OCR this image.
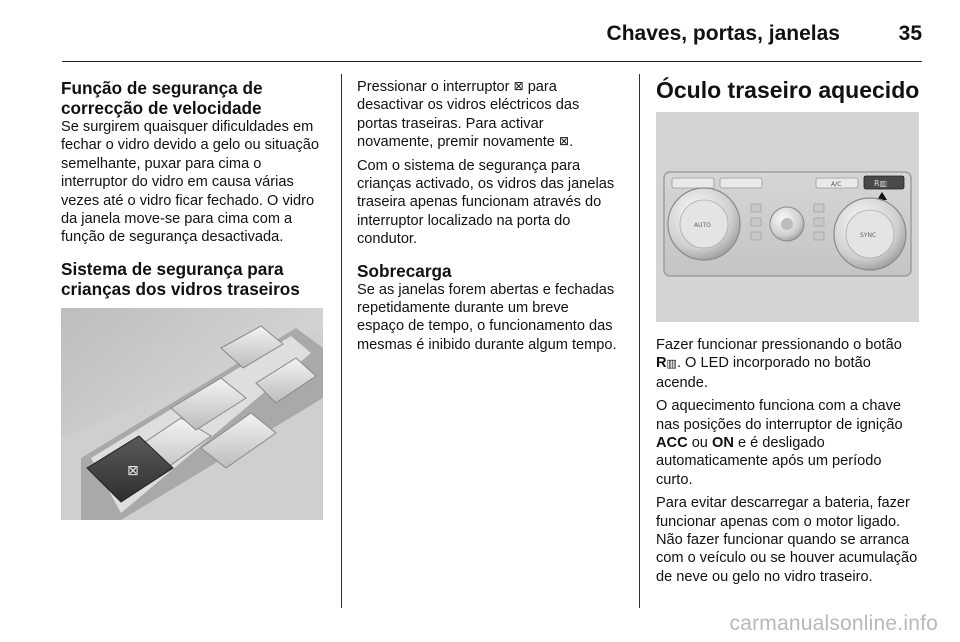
Chaves, portas, janelas	35
Função de segurança de correcção de velocidade

Se surgirem quaisquer dificuldades em fechar o vidro devido a gelo ou situação semelhante, puxar para cima o interruptor do vidro em causa várias vezes até o vidro ficar fechado. O vidro da janela move-se para cima com a função de segurança desactivada.

Sistema de segurança para crianças dos vidros traseiros
⊠

Pressionar o interruptor ⊠ para desactivar os vidros eléctricos das portas traseiras. Para activar novamente, premir novamente ⊠.

Com o sistema de segurança para crianças activado, os vidros das janelas traseira apenas funcionam através do interruptor localizado na porta do condutor.

Sobrecarga

Se as janelas forem abertas e fechadas repetidamente durante um breve espaço de tempo, o funcionamento das mesmas é inibido durante algum tempo.

Óculo traseiro aquecido
A/C	R▥
AUTO
SYNC

Fazer funcionar pressionando o botão R▥. O LED incorporado no botão acende.

O aquecimento funciona com a chave nas posições do interruptor de ignição ACC ou ON e é desligado automaticamente após um período curto.

Para evitar descarregar a bateria, fazer funcionar apenas com o motor ligado. Não fazer funcionar quando se arranca com o veículo ou se houver acumulação de neve ou gelo no vidro traseiro.

carmanualsonline.info
